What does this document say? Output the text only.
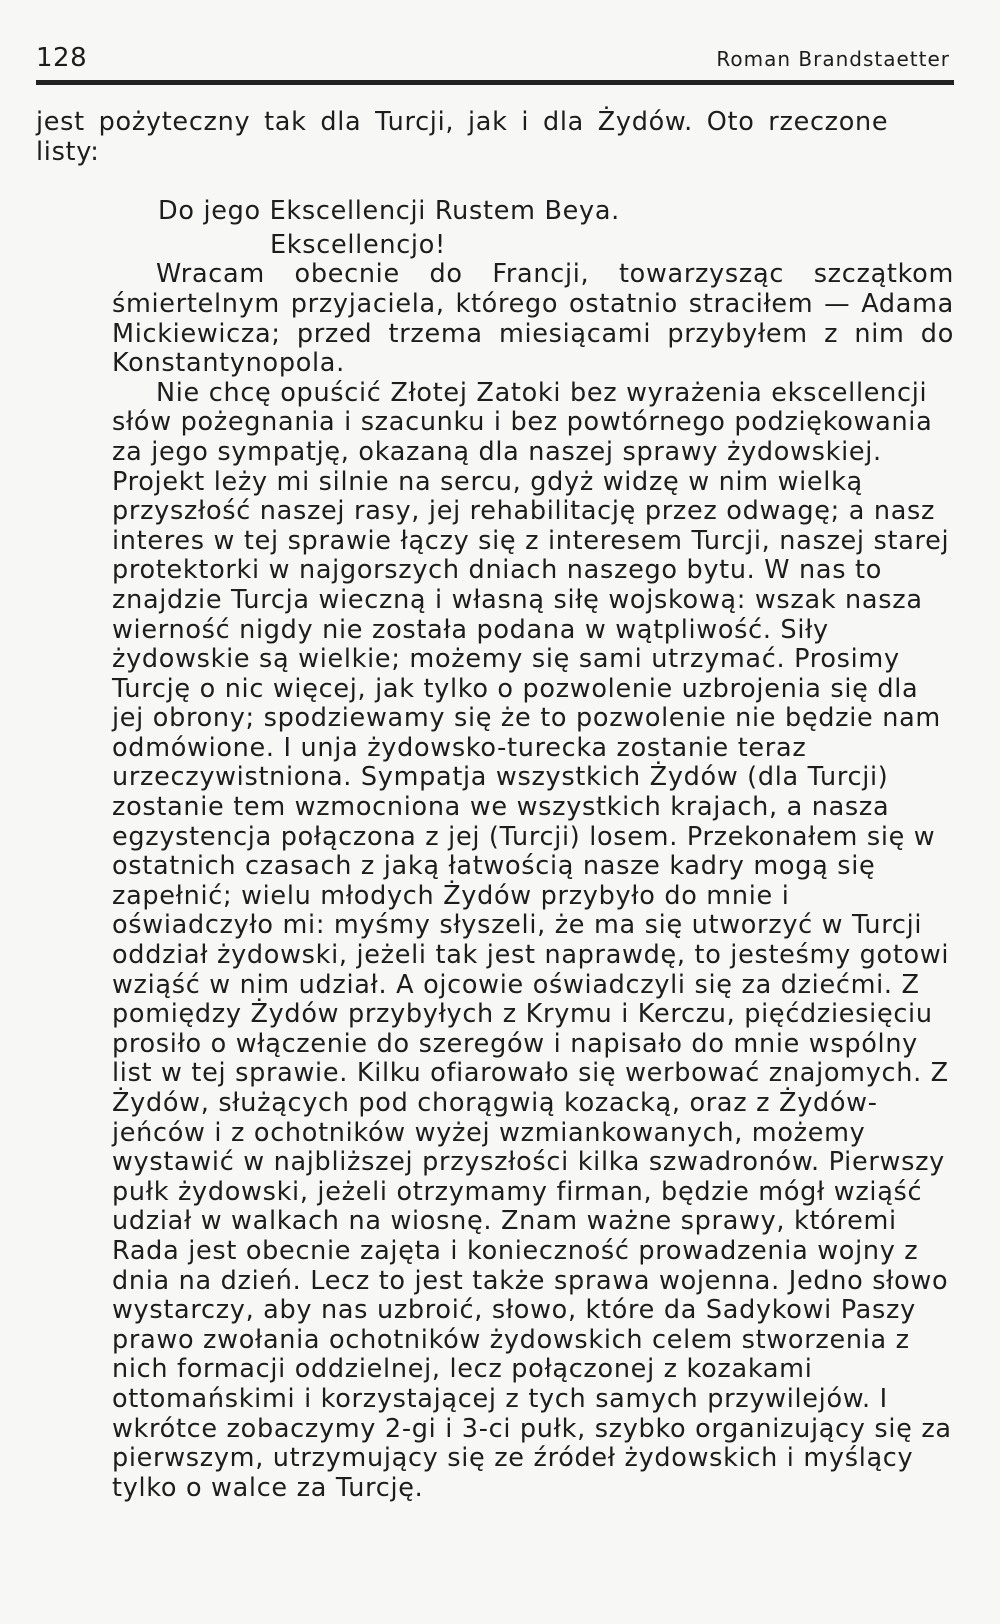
128	Roman Brandstaetter

jest pożyteczny tak dla Turcji, jak i dla Żydów. Oto rzeczone listy:

Do jego Ekscellencji Rustem Beya.

Ekscellencjo!

Wracam obecnie do Francji, towarzysząc szczątkom śmiertelnym przyjaciela, którego ostatnio straciłem — Adama Mickiewicza; przed trzema miesiącami przybyłem z nim do Konstantynopola.

Nie chcę opuścić Złotej Zatoki bez wyrażenia ekscellencji słów pożegnania i szacunku i bez powtórnego podziękowania za jego sympatję, okazaną dla naszej sprawy żydowskiej. Projekt leży mi silnie na sercu, gdyż widzę w nim wielką przyszłość naszej rasy, jej rehabilitację przez odwagę; a nasz interes w tej sprawie łączy się z interesem Turcji, naszej starej protektorki w najgorszych dniach naszego bytu. W nas to znajdzie Turcja wieczną i własną siłę wojskową: wszak nasza wierność nigdy nie została podana w wątpliwość. Siły żydowskie są wielkie; możemy się sami utrzymać. Prosimy Turcję o nic więcej, jak tylko o pozwolenie uzbrojenia się dla jej obrony; spodziewamy się że to pozwolenie nie będzie nam odmówione. I unja żydowsko-turecka zostanie teraz urzeczywistniona. Sympatja wszystkich Żydów (dla Turcji) zostanie tem wzmocniona we wszystkich krajach, a nasza egzystencja połączona z jej (Turcji) losem. Przekonałem się w ostatnich czasach z jaką łatwością nasze kadry mogą się zapełnić; wielu młodych Żydów przybyło do mnie i oświadczyło mi: myśmy słyszeli, że ma się utworzyć w Turcji oddział żydowski, jeżeli tak jest naprawdę, to jesteśmy gotowi wziąść w nim udział. A ojcowie oświadczyli się za dziećmi. Z pomiędzy Żydów przybyłych z Krymu i Kerczu, pięćdziesięciu prosiło o włączenie do szeregów i napisało do mnie wspólny list w tej sprawie. Kilku ofiarowało się werbować znajomych. Z Żydów, służących pod chorągwią kozacką, oraz z Żydów-jeńców i z ochotników wyżej wzmiankowanych, możemy wystawić w najbliższej przyszłości kilka szwadronów. Pierwszy pułk żydowski, jeżeli otrzymamy firman, będzie mógł wziąść udział w walkach na wiosnę. Znam ważne sprawy, któremi Rada jest obecnie zajęta i konieczność prowadzenia wojny z dnia na dzień. Lecz to jest także sprawa wojenna. Jedno słowo wystarczy, aby nas uzbroić, słowo, które da Sadykowi Paszy prawo zwołania ochotników żydowskich celem stworzenia z nich formacji oddzielnej, lecz połączonej z kozakami ottomańskimi i korzystającej z tych samych przywilejów. I wkrótce zobaczymy 2-gi i 3-ci pułk, szybko organizujący się za pierwszym, utrzymujący się ze źródeł żydowskich i myślący tylko o walce za Turcję.
